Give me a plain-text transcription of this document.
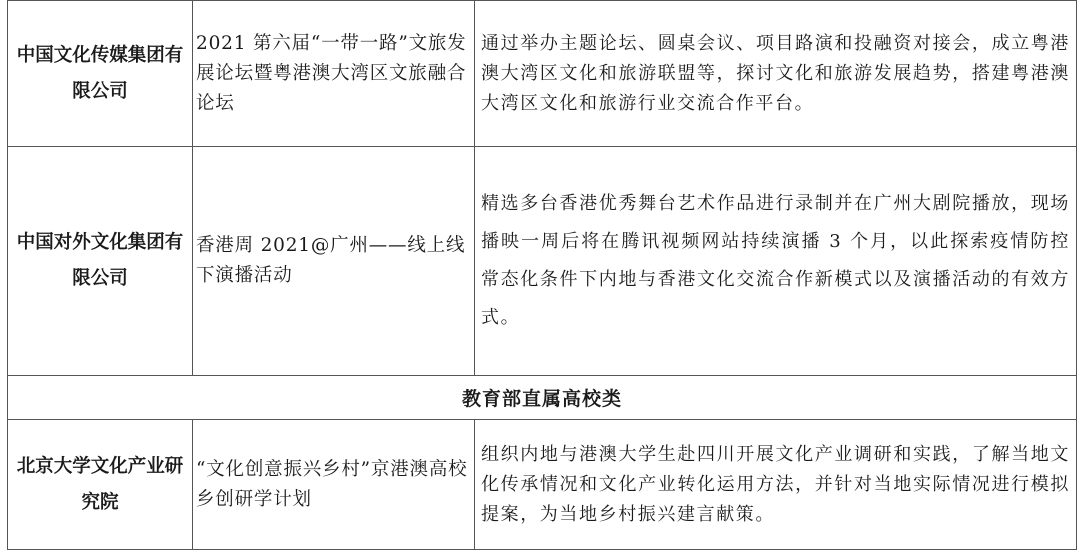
中国文化传媒集团有限公司	2021 第六届“一带一路”文旅发展论坛暨粤港澳大湾区文旅融合论坛	通过举办主题论坛、圆桌会议、项目路演和投融资对接会，成立粤港澳大湾区文化和旅游联盟等，探讨文化和旅游发展趋势，搭建粤港澳大湾区文化和旅游行业交流合作平台。
中国对外文化集团有限公司	香港周 2021@广州——线上线下演播活动	精选多台香港优秀舞台艺术作品进行录制并在广州大剧院播放，现场播映一周后将在腾讯视频网站持续演播 3 个月，以此探索疫情防控常态化条件下内地与香港文化交流合作新模式以及演播活动的有效方式。
教育部直属高校类		
北京大学文化产业研究院	“文化创意振兴乡村”京港澳高校乡创研学计划	组织内地与港澳大学生赴四川开展文化产业调研和实践，了解当地文化传承情况和文化产业转化运用方法，并针对当地实际情况进行模拟提案，为当地乡村振兴建言献策。
